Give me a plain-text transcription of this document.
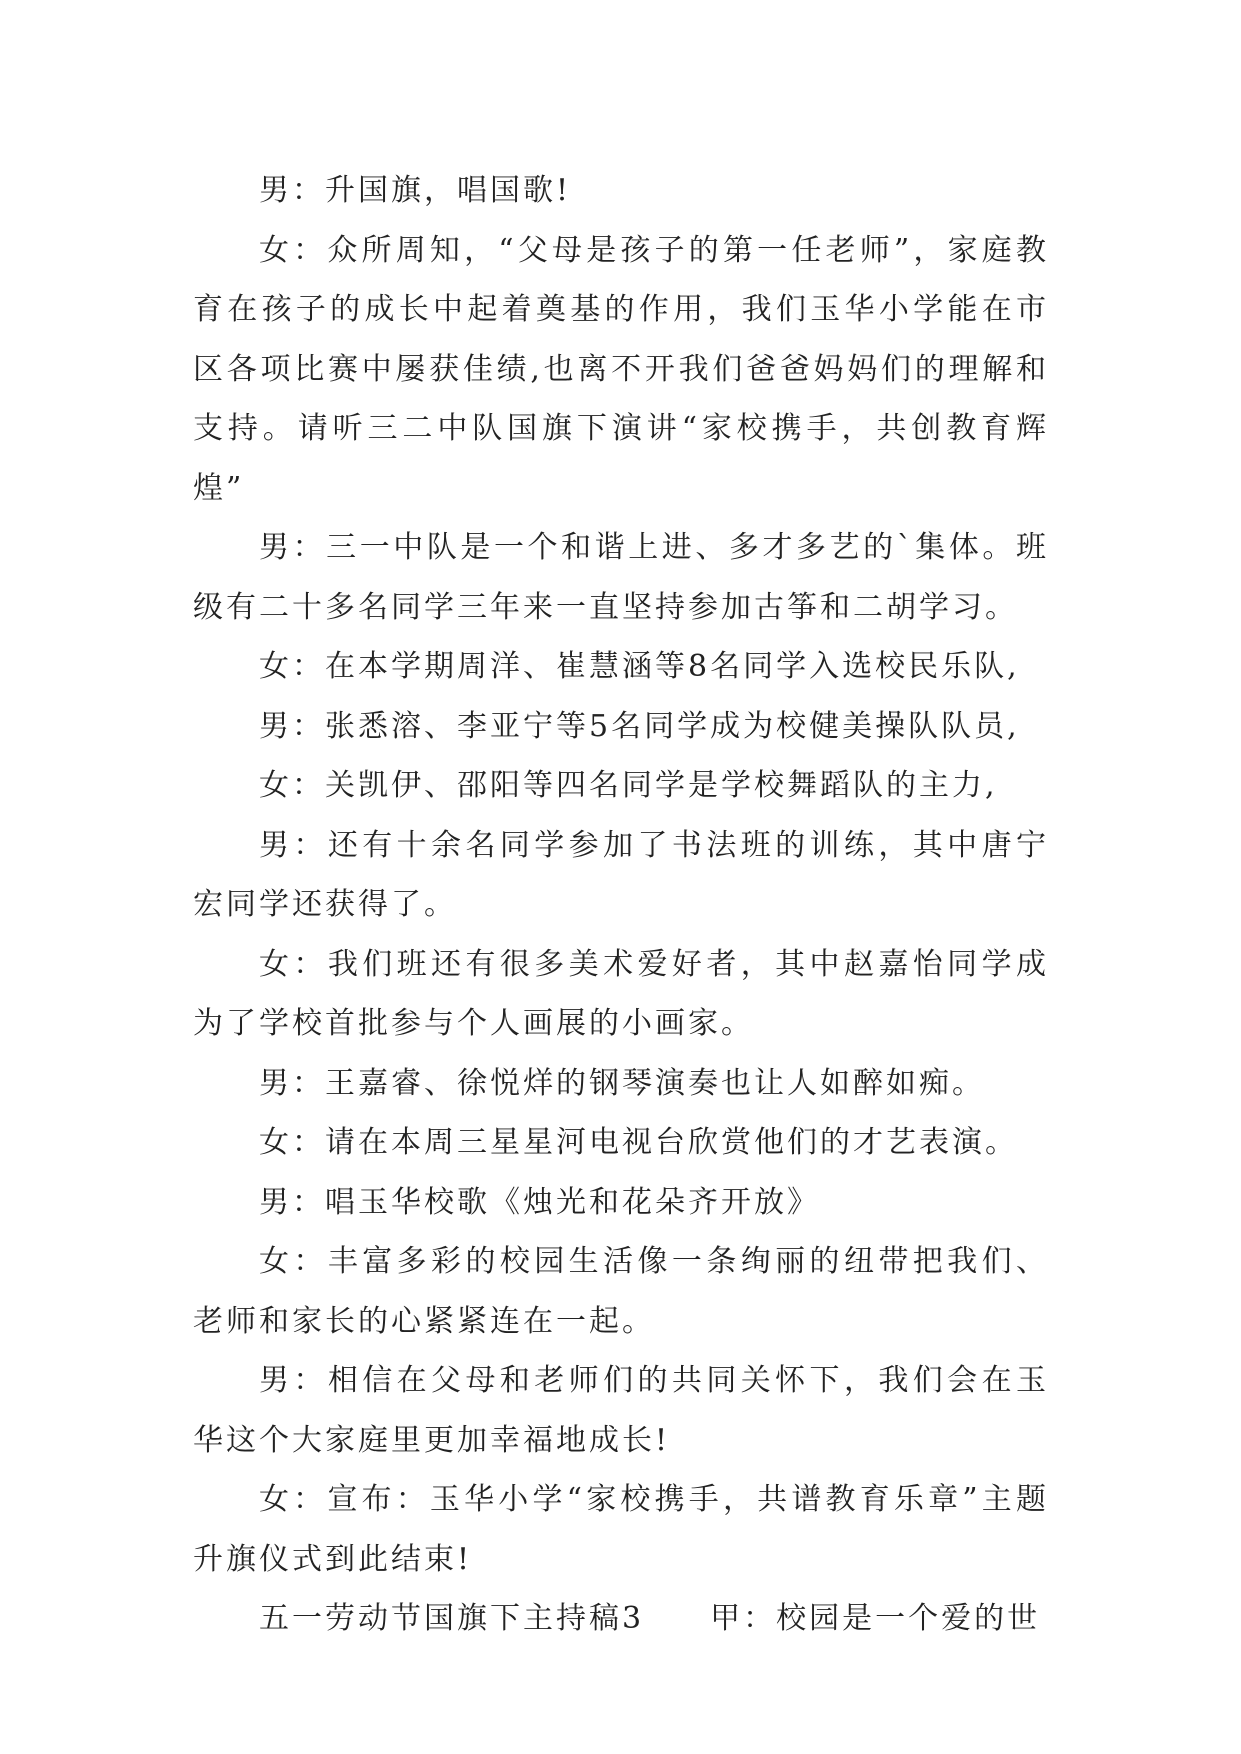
男：升国旗，唱国歌!

女：众所周知，“父母是孩子的第一任老师”，家庭教育在孩子的成长中起着奠基的作用，我们玉华小学能在市区各项比赛中屡获佳绩,也离不开我们爸爸妈妈们的理解和支持。请听三二中队国旗下演讲“家校携手，共创教育辉煌”

男：三一中队是一个和谐上进、多才多艺的`集体。班级有二十多名同学三年来一直坚持参加古筝和二胡学习。

女：在本学期周洋、崔慧涵等8名同学入选校民乐队,

男：张悉溶、李亚宁等5名同学成为校健美操队队员,

女：关凯伊、邵阳等四名同学是学校舞蹈队的主力,

男：还有十余名同学参加了书法班的训练，其中唐宁宏同学还获得了。

女：我们班还有很多美术爱好者，其中赵嘉怡同学成为了学校首批参与个人画展的小画家。

男：王嘉睿、徐悦烊的钢琴演奏也让人如醉如痴。

女：请在本周三星星河电视台欣赏他们的才艺表演。

男：唱玉华校歌《烛光和花朵齐开放》

女：丰富多彩的校园生活像一条绚丽的纽带把我们、老师和家长的心紧紧连在一起。

男：相信在父母和老师们的共同关怀下，我们会在玉华这个大家庭里更加幸福地成长!

女：宣布：玉华小学“家校携手，共谱教育乐章”主题升旗仪式到此结束!

五一劳动节国旗下主持稿3　　甲：校园是一个爱的世
